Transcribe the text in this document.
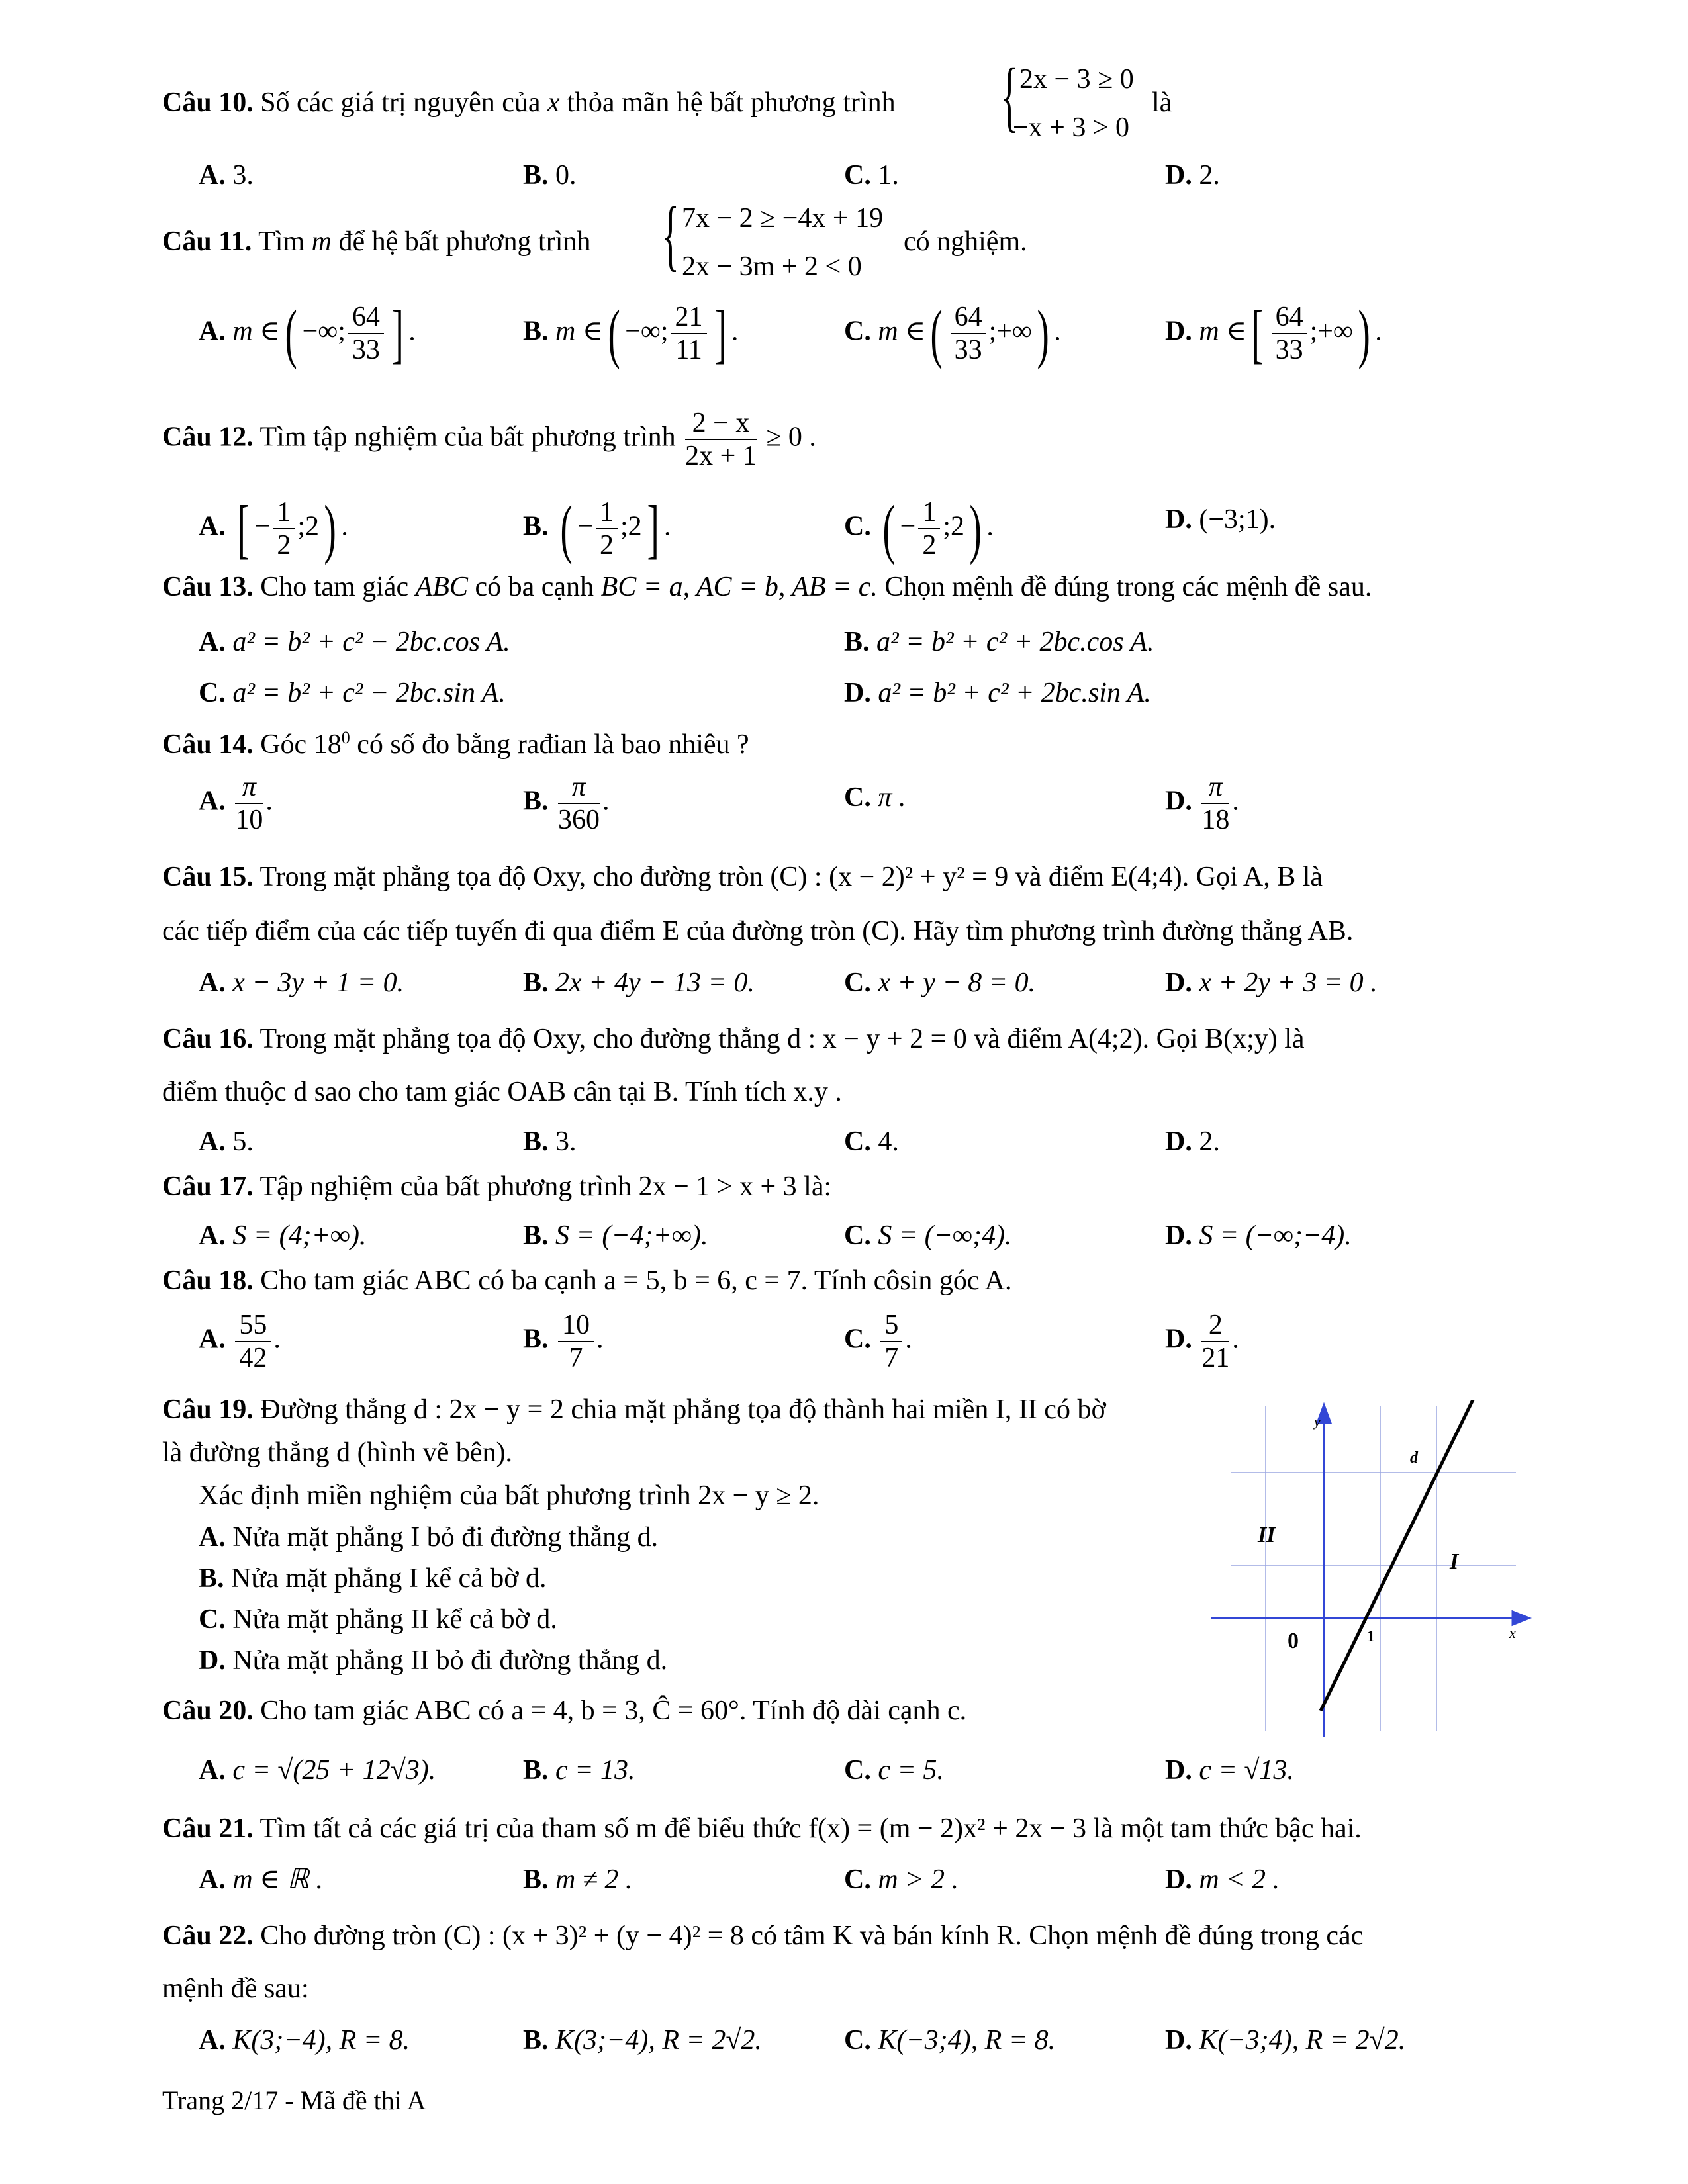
Câu 10. Số các giá trị nguyên của x thỏa mãn hệ bất phương trình { 2x − 3 ≥ 0
−x + 3 > 0
là
A. 3.	B. 0.	C. 1.	D. 2.
Câu 11. Tìm m để hệ bất phương trình { 7x − 2 ≥ −4x + 19
2x − 3m + 2 < 0
có nghiệm.
A. m ∈( −∞; $\frac{64}{33}$ ] .	B. m ∈( −∞; $\frac{21}{11}$ ] .	C. m ∈( $\frac{64}{33}$ ;+∞) .	D. m ∈[ $\frac{64}{33}$ ;+∞) .
Câu 12. Tìm tập nghiệm của bất phương trình $\frac{2 - x}{2x + 1} \ge 0$ .
A. [ − $\frac{1}{2}$ ;2) .	B. ( − $\frac{1}{2}$ ;2] .	C. ( − $\frac{1}{2}$ ;2) .	D. (−3;1).
Câu 13. Cho tam giác ABC có ba cạnh BC = a, AC = b, AB = c. Chọn mệnh đề đúng trong các mệnh đề sau.
A. a² = b² + c² − 2bc.cos A.	B. a² = b² + c² + 2bc.cos A.
C. a² = b² + c² − 2bc.sin A.	D. a² = b² + c² + 2bc.sin A.
Câu 14. Góc $18^0$ có số đo bằng rađian là bao nhiêu ?
A. $\frac{\pi}{10}$ .	B. $\frac{\pi}{360}$ .	C. π .	D. $\frac{\pi}{18}$ .
Câu 15. Trong mặt phẳng tọa độ Oxy, cho đường tròn (C) : (x − 2)² + y² = 9 và điểm E(4;4). Gọi A, B là
các tiếp điểm của các tiếp tuyến đi qua điểm E của đường tròn (C). Hãy tìm phương trình đường thẳng AB.
A. x − 3y + 1 = 0.	B. 2x + 4y − 13 = 0.	C. x + y − 8 = 0.	D. x + 2y + 3 = 0 .
Câu 16. Trong mặt phẳng tọa độ Oxy, cho đường thẳng d : x − y + 2 = 0 và điểm A(4;2). Gọi B(x;y) là
điểm thuộc d sao cho tam giác OAB cân tại B. Tính tích x.y .
A. 5.	B. 3.	C. 4.	D. 2.
Câu 17. Tập nghiệm của bất phương trình 2x − 1 > x + 3 là:
A. S = (4;+∞).	B. S = (−4;+∞).	C. S = (−∞;4).	D. S = (−∞;−4).
Câu 18. Cho tam giác ABC có ba cạnh a = 5, b = 6, c = 7. Tính côsin góc A.
A. $\frac{55}{42}$ .	B. $\frac{10}{7}$ .	C. $\frac{5}{7}$ .	D. $\frac{2}{21}$ .
Câu 19. Đường thẳng d : 2x − y = 2 chia mặt phẳng tọa độ thành hai miền I, II có bờ
là đường thẳng d (hình vẽ bên).
Xác định miền nghiệm của bất phương trình 2x − y ≥ 2.
A. Nửa mặt phẳng I bỏ đi đường thẳng d.
B. Nửa mặt phẳng I kể cả bờ d.
C. Nửa mặt phẳng II kể cả bờ d.
D. Nửa mặt phẳng II bỏ đi đường thẳng d.
y
x
0	1
d
I
II
Câu 20. Cho tam giác ABC có a = 4, b = 3, Ĉ = 60°. Tính độ dài cạnh c.
A. c = √(25 + 12√3).	B. c = 13.	C. c = 5.	D. c = √13.
Câu 21. Tìm tất cả các giá trị của tham số m để biểu thức f(x) = (m − 2)x² + 2x − 3 là một tam thức bậc hai.
A. m ∈ ℝ .	B. m ≠ 2 .	C. m > 2 .	D. m < 2 .
Câu 22. Cho đường tròn (C) : (x + 3)² + (y − 4)² = 8 có tâm K và bán kính R. Chọn mệnh đề đúng trong các
mệnh đề sau:
A. K(3;−4), R = 8.	B. K(3;−4), R = 2√2.	C. K(−3;4), R = 8.	D. K(−3;4), R = 2√2.
Trang 2/17 - Mã đề thi A
